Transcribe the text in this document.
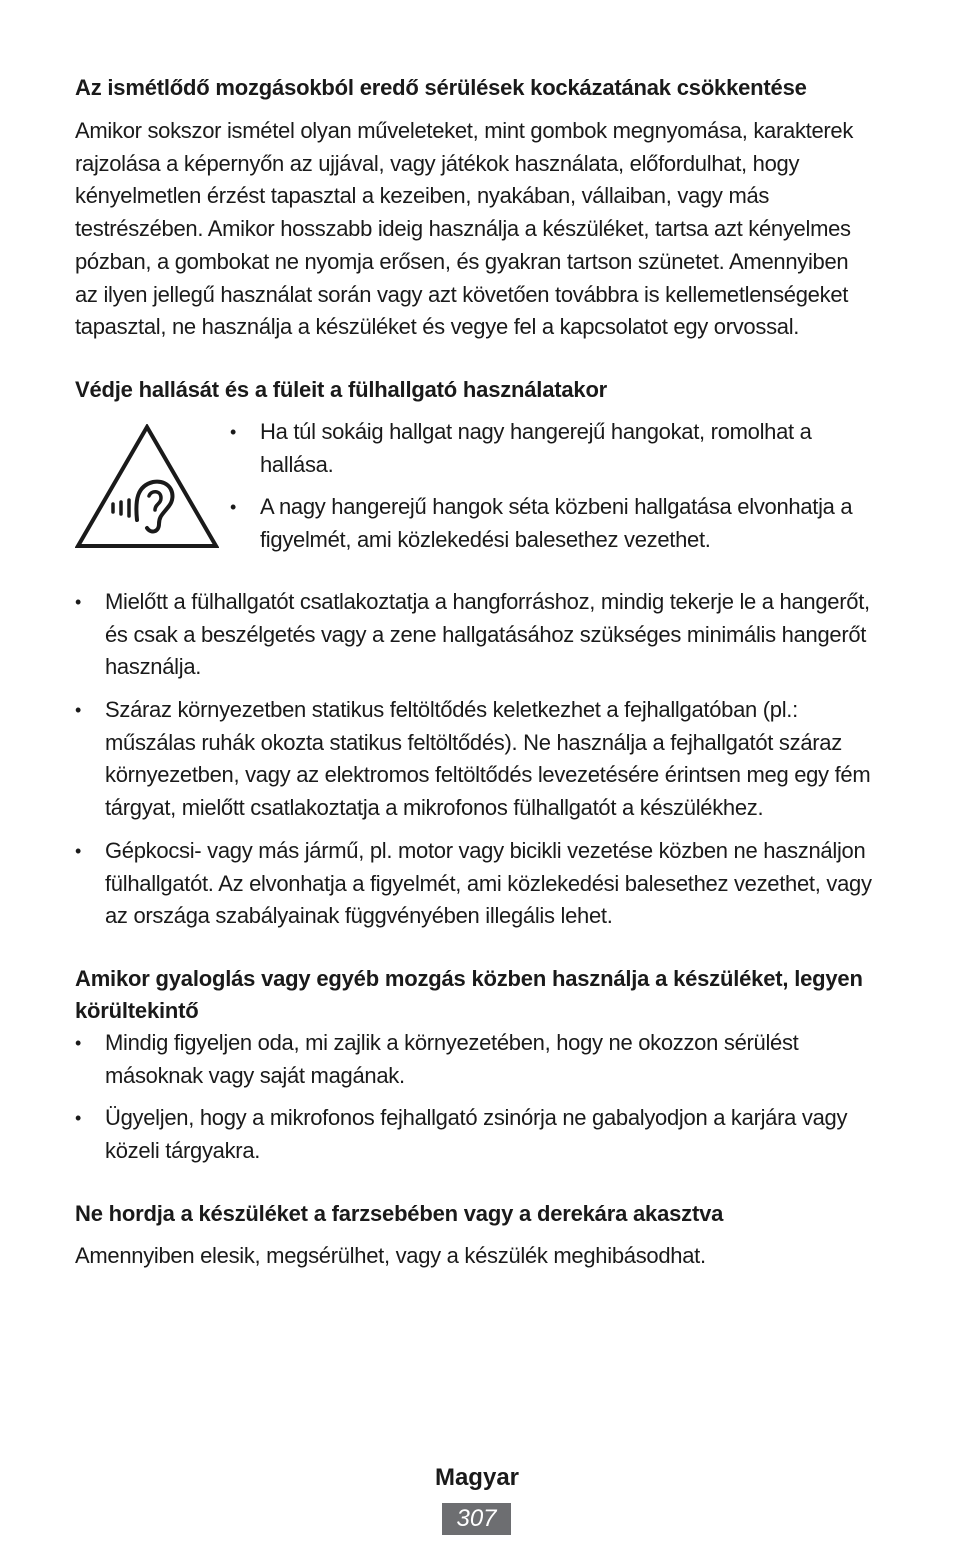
Az ismétlődő mozgásokból eredő sérülések kockázatának csökkentése

Amikor sokszor ismétel olyan műveleteket, mint gombok megnyomása, karakterek rajzolása a képernyőn az ujjával, vagy játékok használata, előfordulhat, hogy kényelmetlen érzést tapasztal a kezeiben, nyakában, vállaiban, vagy más testrészében. Amikor hosszabb ideig használja a készüléket, tartsa azt kényelmes pózban, a gombokat ne nyomja erősen, és gyakran tartson szünetet. Amennyiben az ilyen jellegű használat során vagy azt követően továbbra is kellemetlenségeket tapasztal, ne használja a készüléket és vegye fel a kapcsolatot egy orvossal.

Védje hallását és a füleit a fülhallgató használatakor
•	Ha túl sokáig hallgat nagy hangerejű hangokat, romolhat a hallása.
•	A nagy hangerejű hangok séta közbeni hallgatása elvonhatja a figyelmét, ami közlekedési balesethez vezethet.
•	Mielőtt a fülhallgatót csatlakoztatja a hangforráshoz, mindig tekerje le a hangerőt, és csak a beszélgetés vagy a zene hallgatásához szükséges minimális hangerőt használja.
•	Száraz környezetben statikus feltöltődés keletkezhet a fejhallgatóban (pl.: műszálas ruhák okozta statikus feltöltődés). Ne használja a fejhallgatót száraz környezetben, vagy az elektromos feltöltődés levezetésére érintsen meg egy fém tárgyat, mielőtt csatlakoztatja a mikrofonos fülhallgatót a készülékhez.
•	Gépkocsi- vagy más jármű, pl. motor vagy bicikli vezetése közben ne használjon fülhallgatót. Az elvonhatja a figyelmét, ami közlekedési balesethez vezethet, vagy az országa szabályainak függvényében illegális lehet.
Amikor gyaloglás vagy egyéb mozgás közben használja a készüléket, legyen körültekintő
•	Mindig figyeljen oda, mi zajlik a környezetében, hogy ne okozzon sérülést másoknak vagy saját magának.
•	Ügyeljen, hogy a mikrofonos fejhallgató zsinórja ne gabalyodjon a karjára vagy közeli tárgyakra.
Ne hordja a készüléket a farzsebében vagy a derekára akasztva

Amennyiben elesik, megsérülhet, vagy a készülék meghibásodhat.

Magyar
307
